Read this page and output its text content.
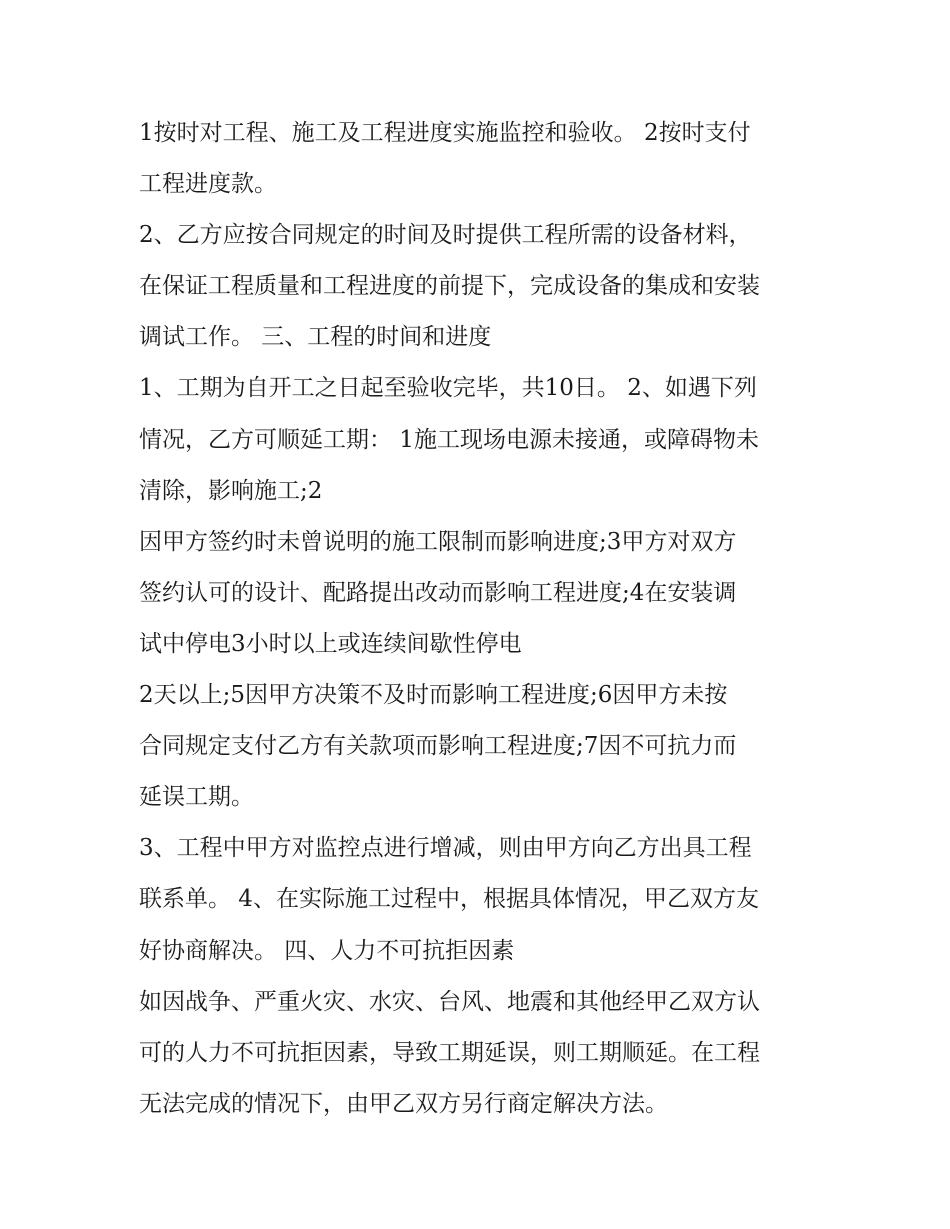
1按时对工程、施工及工程进度实施监控和验收。 2按时支付
工程进度款。
2、乙方应按合同规定的时间及时提供工程所需的设备材料，
在保证工程质量和工程进度的前提下，完成设备的集成和安装
调试工作。 三、工程的时间和进度
1、工期为自开工之日起至验收完毕，共10日。 2、如遇下列
情况，乙方可顺延工期： 1施工现场电源未接通，或障碍物未
清除，影响施工;2
因甲方签约时未曾说明的施工限制而影响进度;3甲方对双方
签约认可的设计、配路提出改动而影响工程进度;4在安装调
试中停电3小时以上或连续间歇性停电
2天以上;5因甲方决策不及时而影响工程进度;6因甲方未按
合同规定支付乙方有关款项而影响工程进度;7因不可抗力而
延误工期。
3、工程中甲方对监控点进行增减，则由甲方向乙方出具工程
联系单。 4、在实际施工过程中，根据具体情况，甲乙双方友
好协商解决。 四、人力不可抗拒因素
如因战争、严重火灾、水灾、台风、地震和其他经甲乙双方认
可的人力不可抗拒因素，导致工期延误，则工期顺延。在工程
无法完成的情况下，由甲乙双方另行商定解决方法。
